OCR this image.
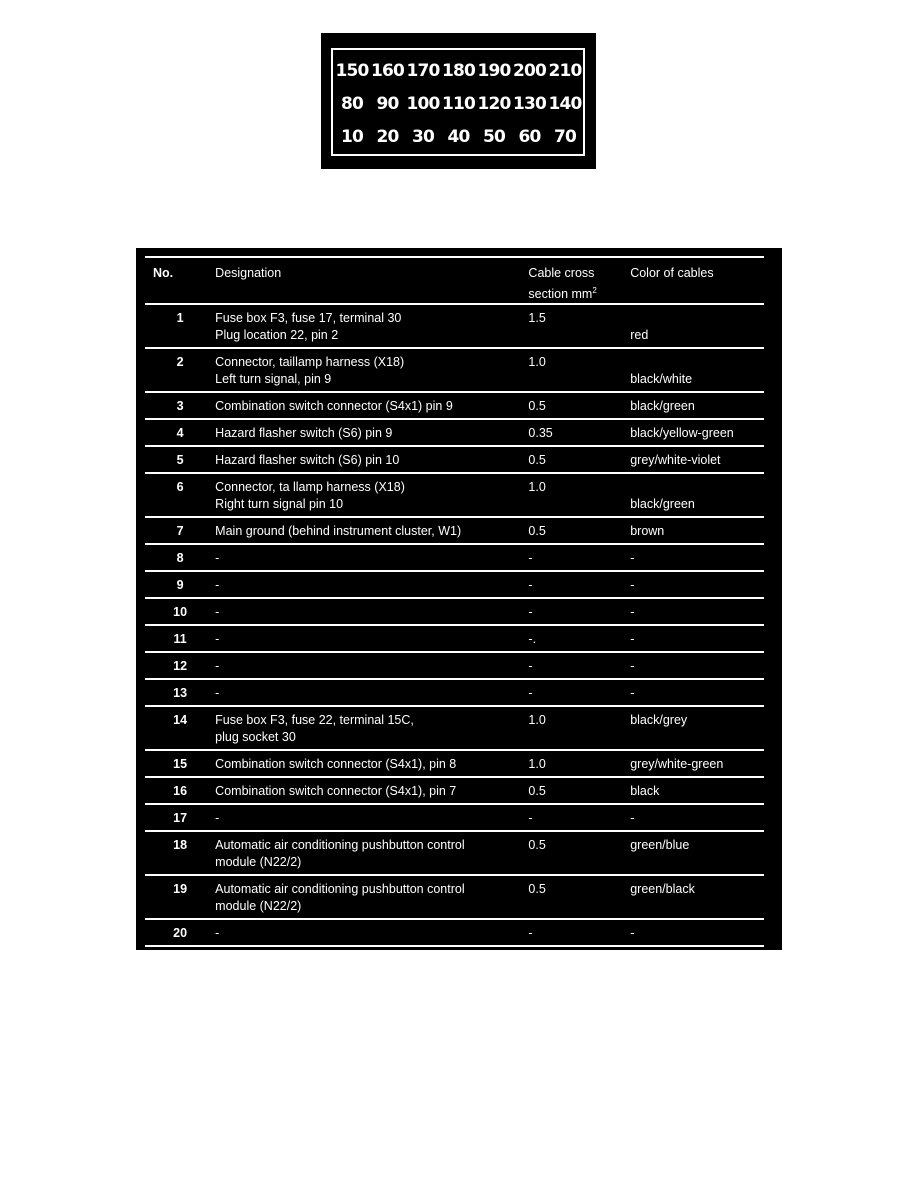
150 160 170 180 190 200 210
80 90 100 110 120 130 140
10 20 30 40 50 60 70
No.	Designation	Cable cross
section $mm^2$	Color of cables
1	Fuse box F3, fuse 17, terminal 30
Plug location 22, pin 2	1.5	red

2	Connector, taillamp harness (X18)
Left turn signal, pin 9	1.0	black/white

3	Combination switch connector (S4x1) pin 9	0.5	black/green

4	Hazard flasher switch (S6) pin 9	0.35	black/yellow-green

5	Hazard flasher switch (S6) pin 10	0.5	grey/white-violet

6	Connector, ta llamp harness (X18)
Right turn signal pin 10	1.0	black/green

7	Main ground (behind instrument cluster, W1)	0.5	brown

8	-	-	-

9	-	-	-

10	-	-	-

11	-	-.	-

12	-	-	-

13	-	-	-

14	Fuse box F3, fuse 22, terminal 15C,
plug socket 30	1.0	black/grey

15	Combination switch connector (S4x1), pin 8	1.0	grey/white-green

16	Combination switch connector (S4x1), pin 7	0.5	black

17	-	-	-

18	Automatic air conditioning pushbutton control
module (N22/2)	0.5	green/blue

19	Automatic air conditioning pushbutton control
module (N22/2)	0.5	green/black

20	-	-	-

21	-	-	-
